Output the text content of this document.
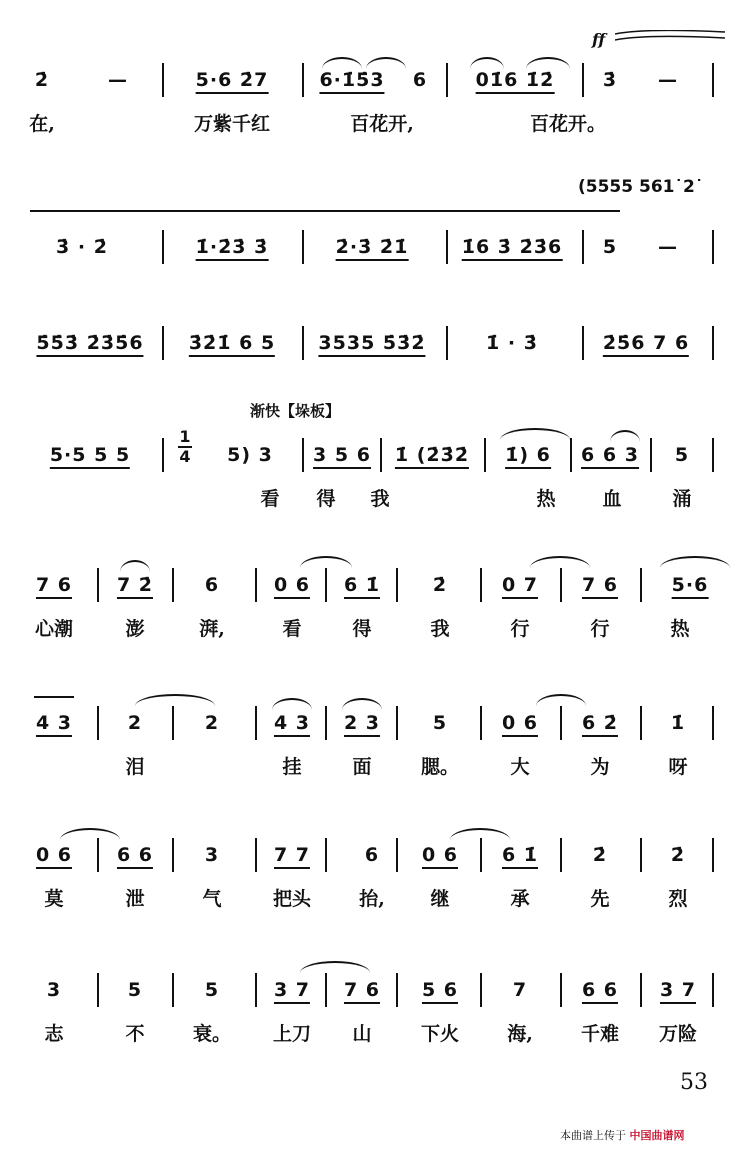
ff
2̇	—	5·6 2̇7	6·1̇5̇3 6	01̇6 1̇2̇	3̇ —
在,	万紫千红	百花开,	百花开。
(5555 561˙2˙
3̇ · 2̇	1̇·2̇3̇ 3̇	2̇·3̇ 2̇1̇	1̇6 3̇ 2̇3̇6 5 —
5̇5̇3̇ 2̇3̇5̇6 3̇2̇1̇ 6 5 3535 5̇3̇2̇	1̇ · 3̇	2̇5̇6 7 6
渐快【垛板】
1
4
5·5 5 5	5) 3 3 5 6 1̇ (2̇3̇2̇ 1̇) 6 6 6 3 5
看 得 我	热 血	涌
7 6 7 2̇	6	0 6 6 1̇	2̇	0 7 7 6	5·6
心潮	澎	湃,	看	得	我	行	行	热
4 3	2	2	4 3 2 3	5	0 6 6 2̇	1̇
泪	挂	面	腮。	大	为	呀
0 6 6 6	3	7 7	6 0 6 6 1̇	2̇	2̇
莫	泄	气	把头	抬, 继	承	先	烈
3	5	5	3 7 7 6 5 6	7	6 6 3 7
志	不	衰。 上刀 山	下火	海,	千难 万险
53
本曲谱上传于 中国曲谱网
